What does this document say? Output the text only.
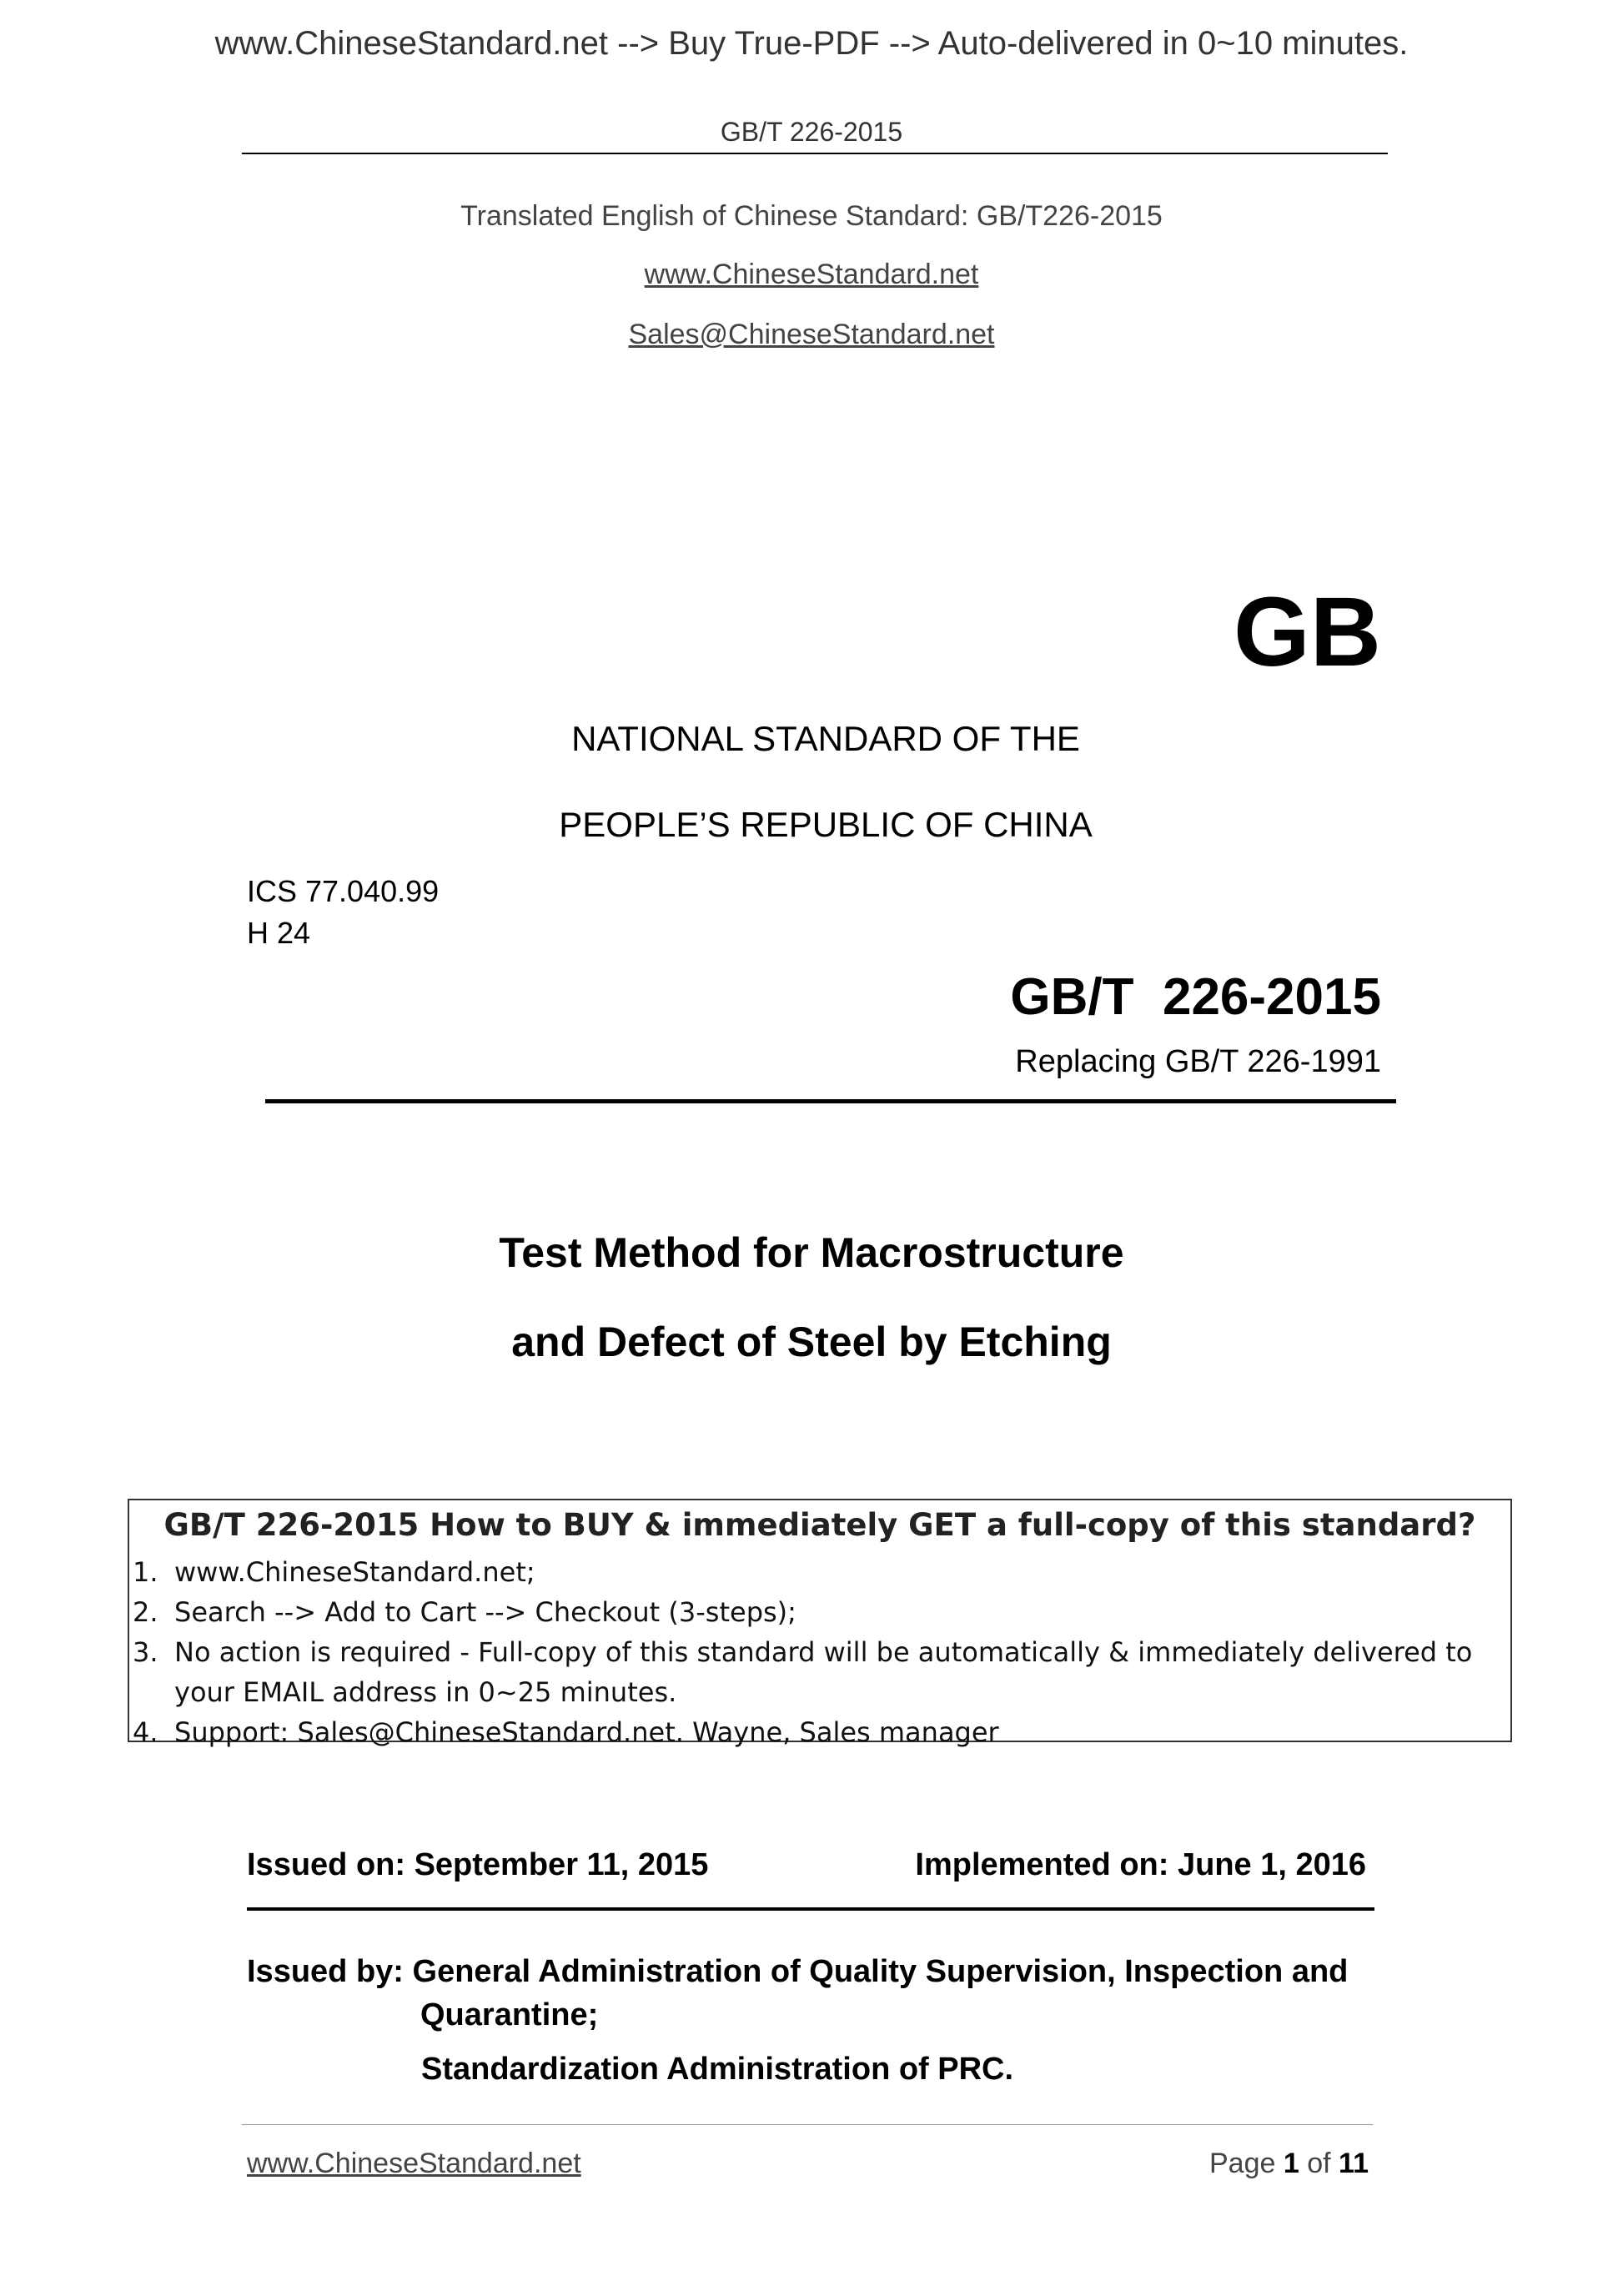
www.ChineseStandard.net --> Buy True-PDF --> Auto-delivered in 0~10 minutes.
GB/T 226-2015
Translated English of Chinese Standard: GB/T226-2015
www.ChineseStandard.net
Sales@ChineseStandard.net
GB
NATIONAL STANDARD OF THE
PEOPLE’S REPUBLIC OF CHINA
ICS 77.040.99
H 24
GB/T  226-2015
Replacing GB/T 226-1991
Test Method for Macrostructure
and Defect of Steel by Etching
GB/T 226-2015 How to BUY & immediately GET a full-copy of this standard?
1. www.ChineseStandard.net;
2. Search --> Add to Cart --> Checkout (3-steps);
3. No action is required - Full-copy of this standard will be automatically & immediately delivered to your EMAIL address in 0~25 minutes.
4. Support: Sales@ChineseStandard.net. Wayne, Sales manager
Issued on: September 11, 2015	Implemented on: June 1, 2016
Issued by: General Administration of Quality Supervision, Inspection and
Quarantine;
Standardization Administration of PRC.
www.ChineseStandard.net	Page 1 of 11
